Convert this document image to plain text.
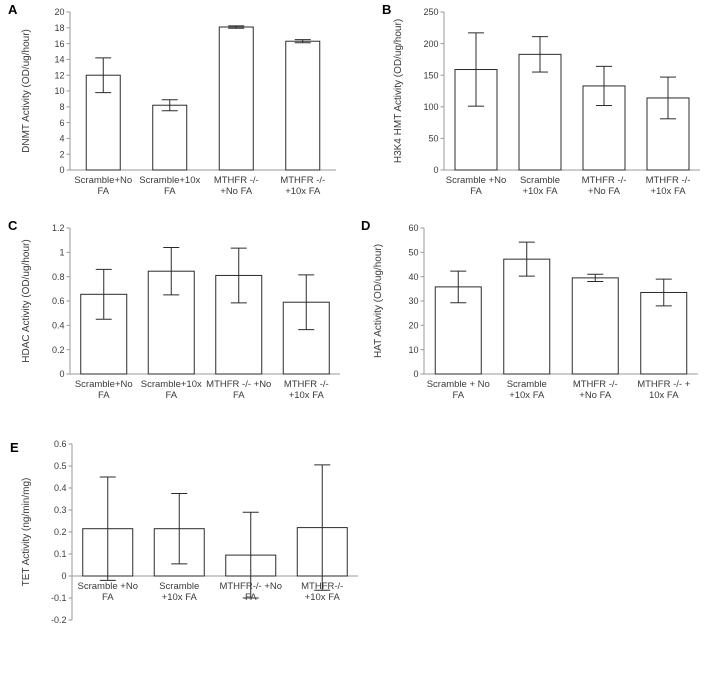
A
0
2
4
6
8
10
12
14
16
18
20
Scramble+No
FA
Scramble+10x
FA
MTHFR -/-
+No FA
MTHFR -/-
+10x FA
DNMT Activity (OD/ug/hour)
B
0
50
100
150
200
250
Scramble +No
FA
Scramble
+10x FA
MTHFR -/-
+No FA
MTHFR -/-
+10x FA
H3K4 HMT Activity (OD/ug/hour)
C
0
0.2
0.4
0.6
0.8
1
1.2
Scramble+No
FA
Scramble+10x
FA
MTHFR -/- +No
FA
MTHFR -/-
+10x FA
HDAC Activity (OD/ug/hour)
D
0
10
20
30
40
50
60
Scramble + No
FA
Scramble
+10x FA
MTHFR -/-
+No FA
MTHFR -/- +
10x FA
HAT Activity (OD/ug/hour)
E
-0.2
-0.1
0
0.1
0.2
0.3
0.4
0.5
0.6
Scramble +No
FA
Scramble
+10x FA
MTHFR-/- +No
FA
MTHFR-/-
+10x FA
TET Activity (ng/min/mg)
